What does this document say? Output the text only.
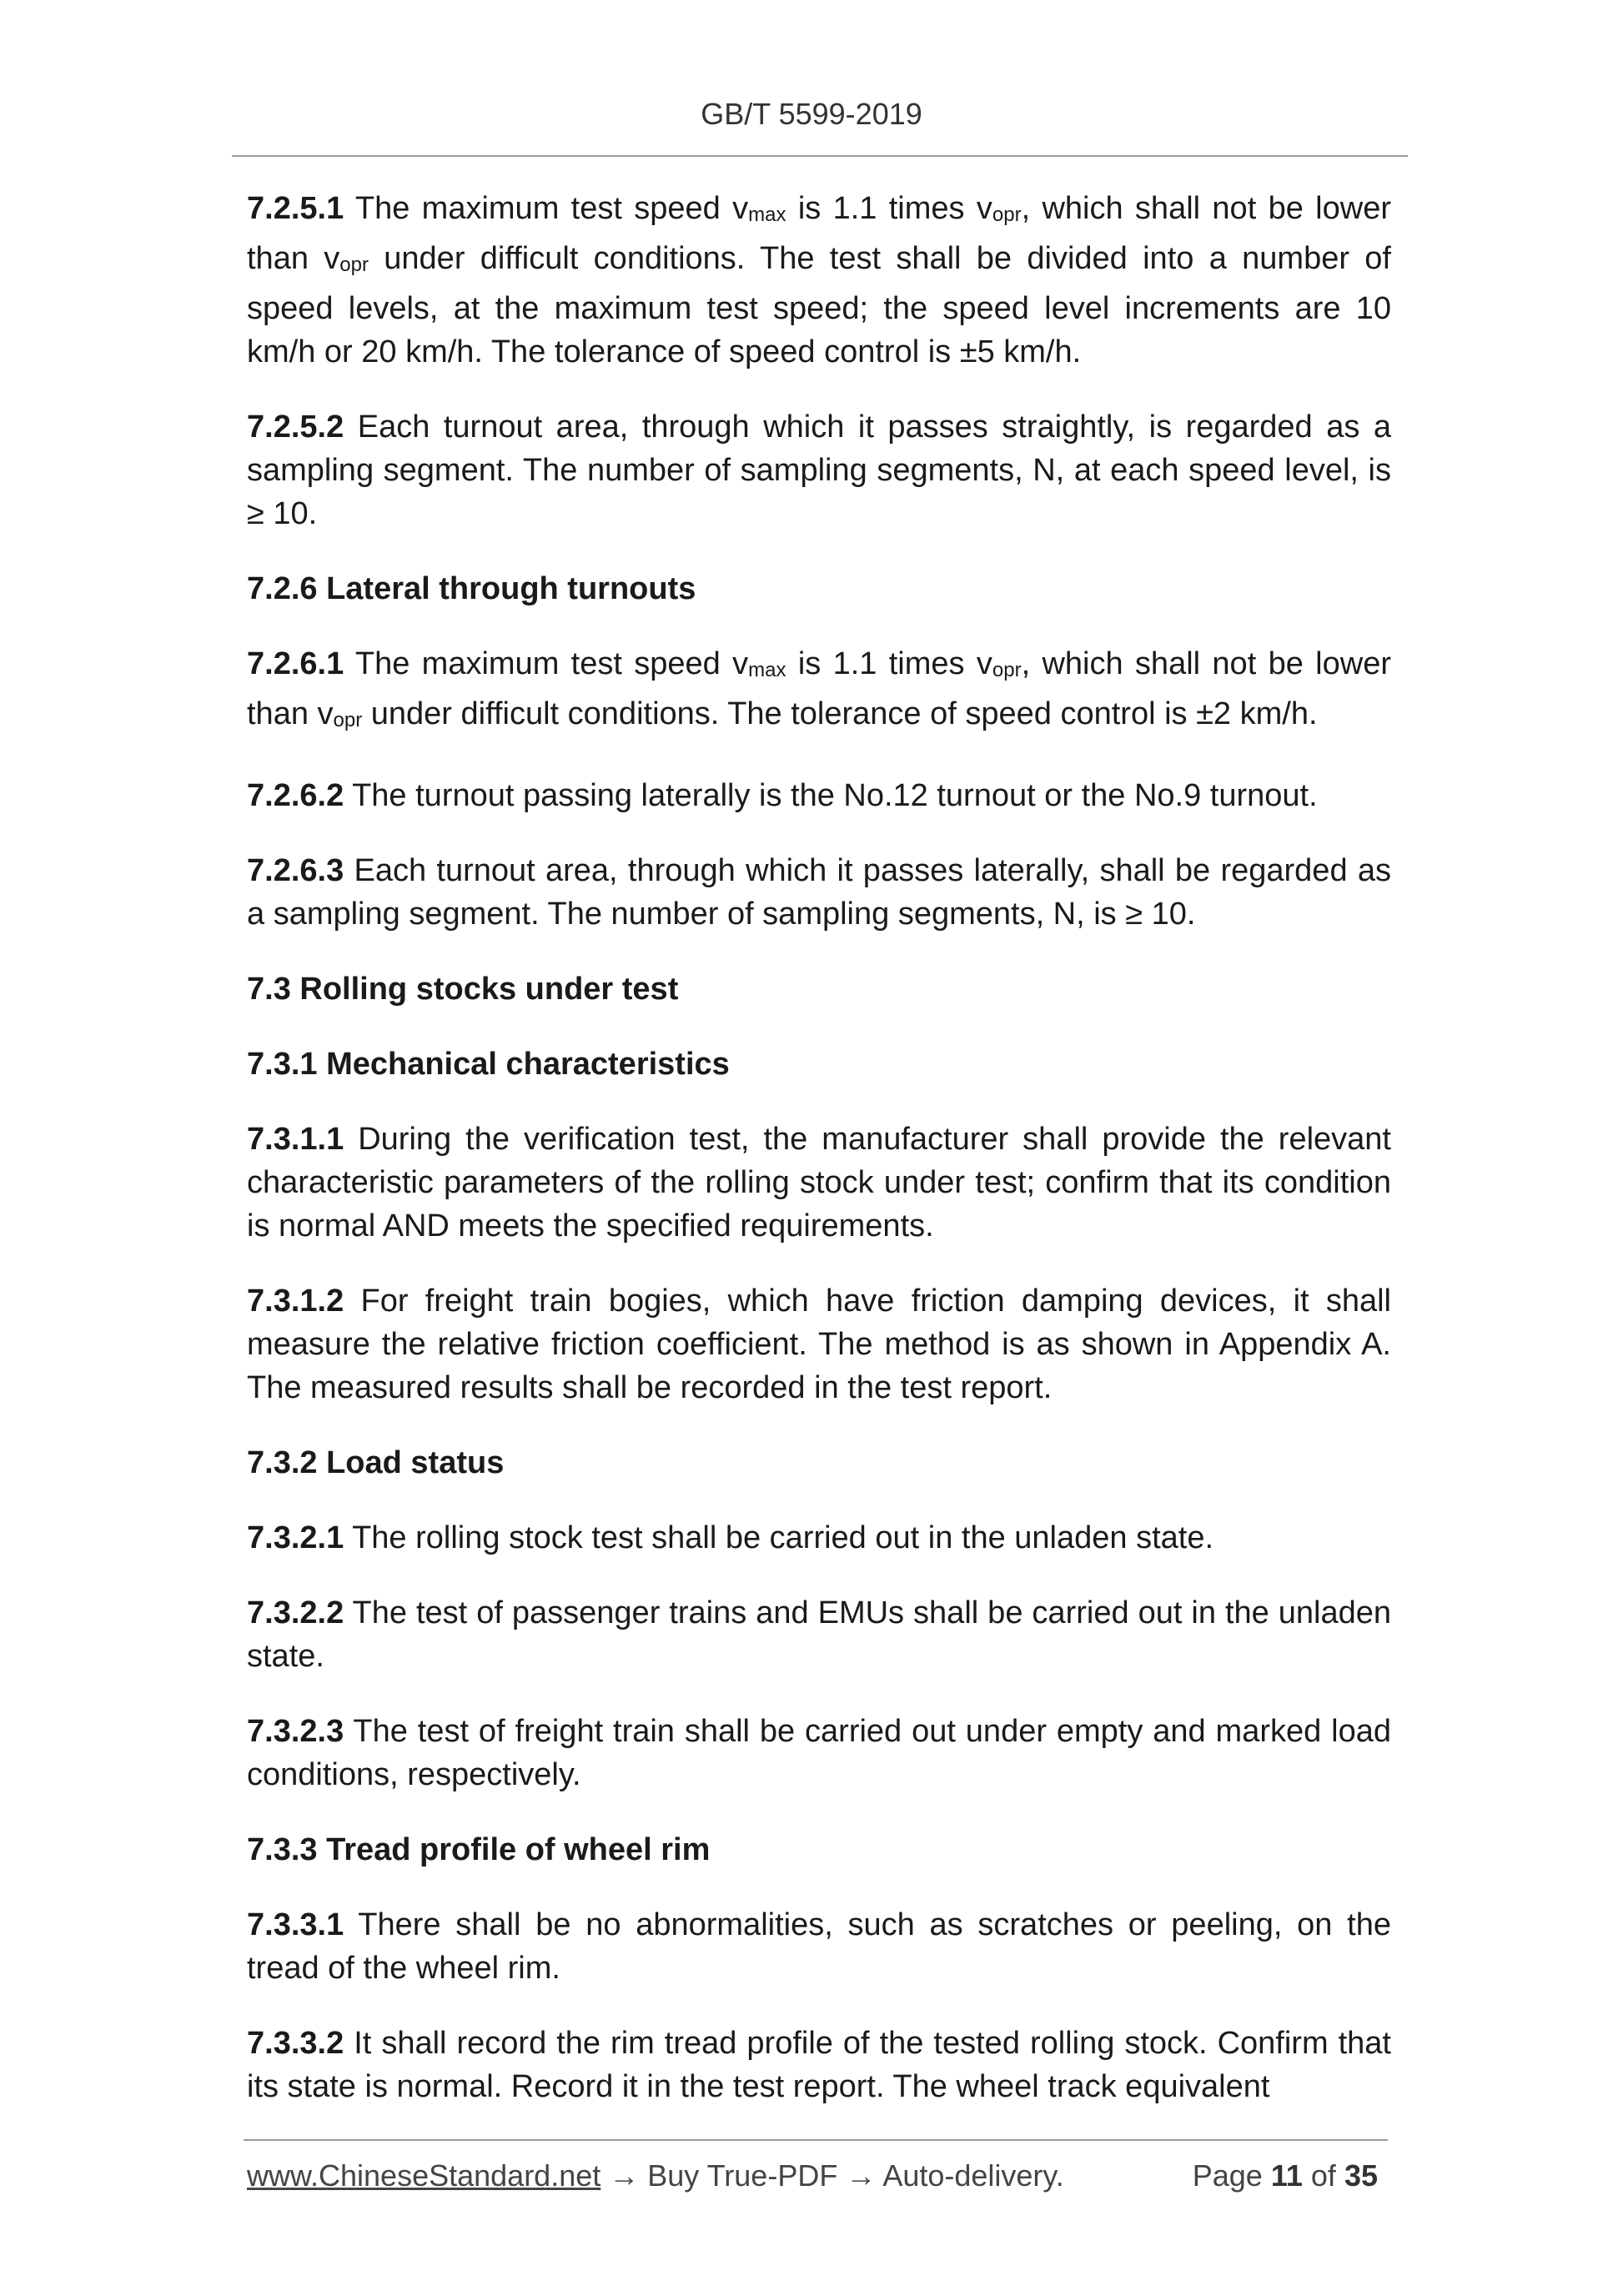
GB/T 5599-2019

7.2.5.1 The maximum test speed vmax is 1.1 times vopr, which shall not be lower than vopr under difficult conditions. The test shall be divided into a number of speed levels, at the maximum test speed; the speed level increments are 10 km/h or 20 km/h. The tolerance of speed control is ±5 km/h.

7.2.5.2 Each turnout area, through which it passes straightly, is regarded as a sampling segment. The number of sampling segments, N, at each speed level, is ≥ 10.

7.2.6 Lateral through turnouts

7.2.6.1 The maximum test speed vmax is 1.1 times vopr, which shall not be lower than vopr under difficult conditions. The tolerance of speed control is ±2 km/h.

7.2.6.2 The turnout passing laterally is the No.12 turnout or the No.9 turnout.

7.2.6.3 Each turnout area, through which it passes laterally, shall be regarded as a sampling segment. The number of sampling segments, N, is ≥ 10.

7.3 Rolling stocks under test

7.3.1 Mechanical characteristics

7.3.1.1 During the verification test, the manufacturer shall provide the relevant characteristic parameters of the rolling stock under test; confirm that its condition is normal AND meets the specified requirements.

7.3.1.2 For freight train bogies, which have friction damping devices, it shall measure the relative friction coefficient. The method is as shown in Appendix A. The measured results shall be recorded in the test report.

7.3.2 Load status

7.3.2.1 The rolling stock test shall be carried out in the unladen state.

7.3.2.2 The test of passenger trains and EMUs shall be carried out in the unladen state.

7.3.2.3 The test of freight train shall be carried out under empty and marked load conditions, respectively.

7.3.3 Tread profile of wheel rim

7.3.3.1 There shall be no abnormalities, such as scratches or peeling, on the tread of the wheel rim.

7.3.3.2 It shall record the rim tread profile of the tested rolling stock. Confirm that its state is normal. Record it in the test report. The wheel track equivalent

www.ChineseStandard.net → Buy True-PDF → Auto-delivery.	Page 11 of 35
